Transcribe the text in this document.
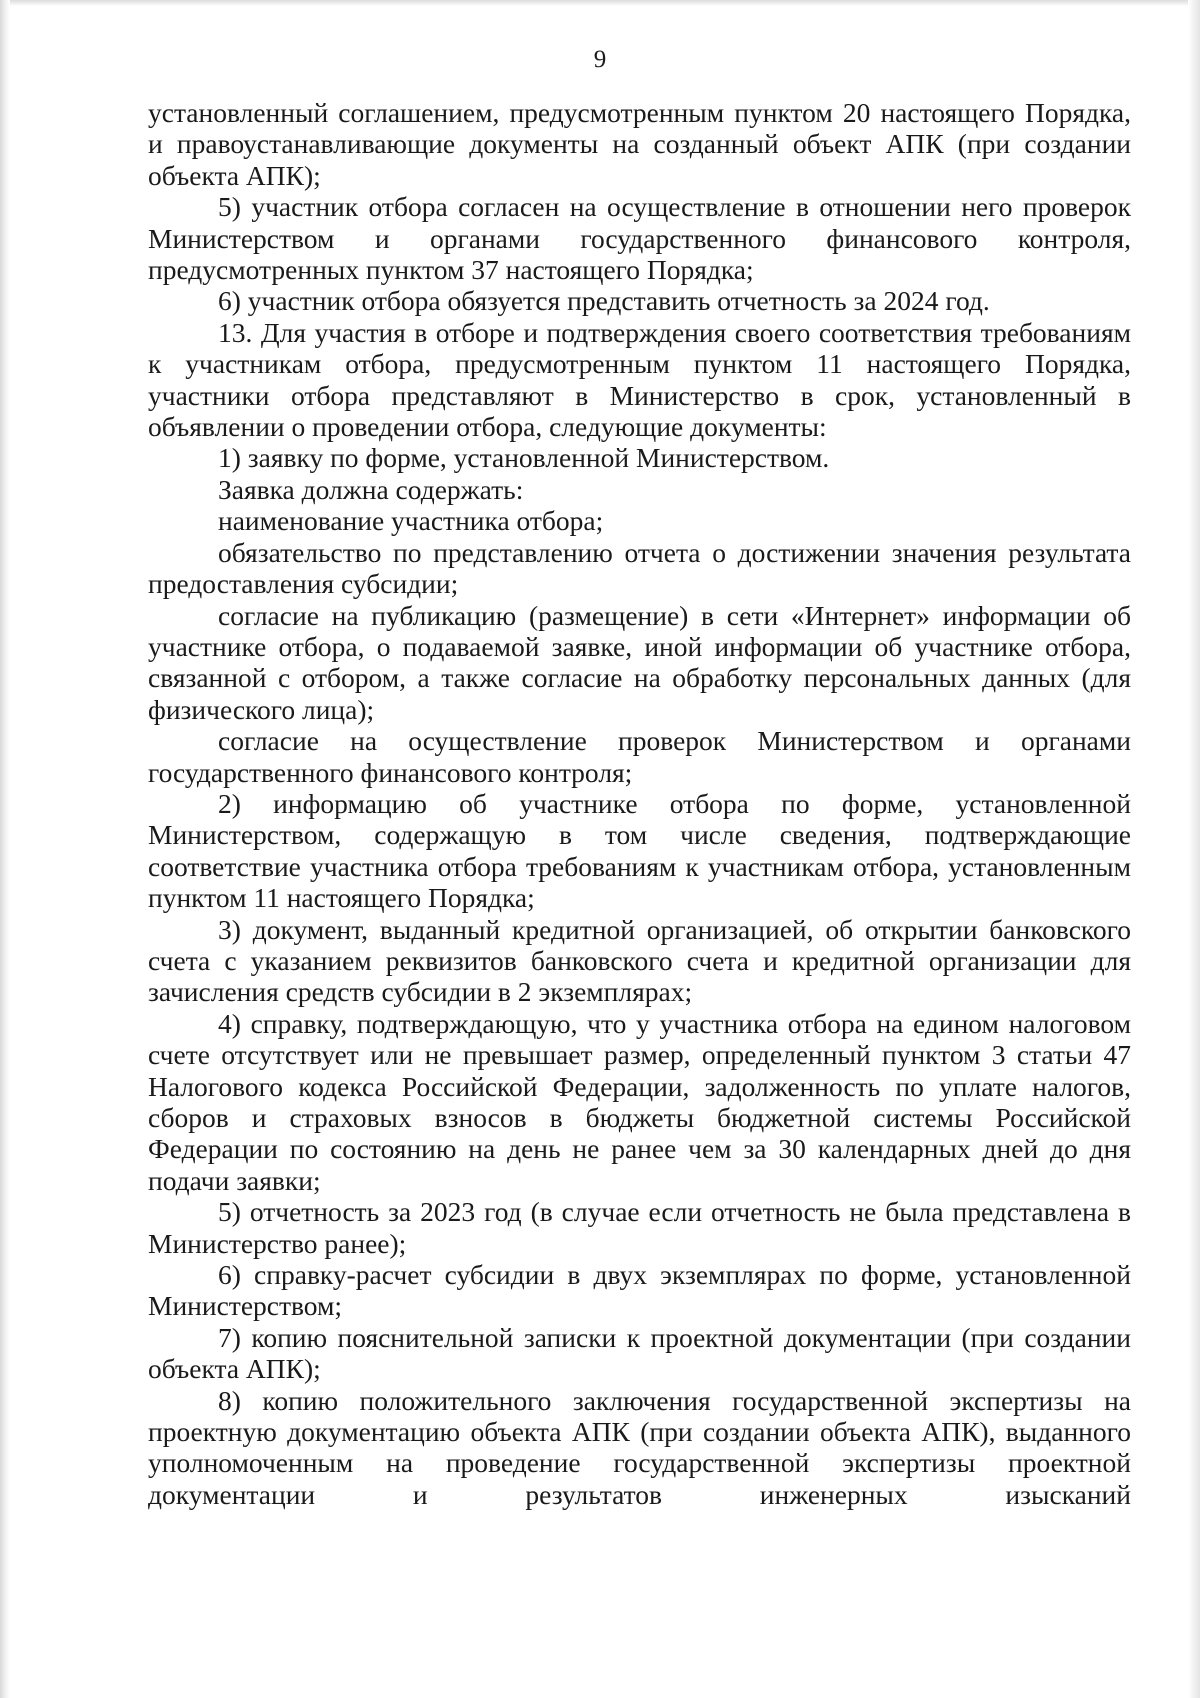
9

установленный соглашением, предусмотренным пунктом 20 настоящего Порядка, и правоустанавливающие документы на созданный объект АПК (при создании объекта АПК);

5) участник отбора согласен на осуществление в отношении него проверок Министерством и органами государственного финансового контроля, предусмотренных пунктом 37 настоящего Порядка;

6) участник отбора обязуется представить отчетность за 2024 год.

13. Для участия в отборе и подтверждения своего соответствия требованиям к участникам отбора, предусмотренным пунктом 11 настоящего Порядка, участники отбора представляют в Министерство в срок, установленный в объявлении о проведении отбора, следующие документы:

1) заявку по форме, установленной Министерством.

Заявка должна содержать:

наименование участника отбора;

обязательство по представлению отчета о достижении значения результата предоставления субсидии;

согласие на публикацию (размещение) в сети «Интернет» информации об участнике отбора, о подаваемой заявке, иной информации об участнике отбора, связанной с отбором, а также согласие на обработку персональных данных (для физического лица);

согласие на осуществление проверок Министерством и органами государственного финансового контроля;

2) информацию об участнике отбора по форме, установленной Министерством, содержащую в том числе сведения, подтверждающие соответствие участника отбора требованиям к участникам отбора, установленным пунктом 11 настоящего Порядка;

3) документ, выданный кредитной организацией, об открытии банковского счета с указанием реквизитов банковского счета и кредитной организации для зачисления средств субсидии в 2 экземплярах;

4) справку, подтверждающую, что у участника отбора на едином налоговом счете отсутствует или не превышает размер, определенный пунктом 3 статьи 47 Налогового кодекса Российской Федерации, задолженность по уплате налогов, сборов и страховых взносов в бюджеты бюджетной системы Российской Федерации по состоянию на день не ранее чем за 30 календарных дней до дня подачи заявки;

5) отчетность за 2023 год (в случае если отчетность не была представлена в Министерство ранее);

6) справку-расчет субсидии в двух экземплярах по форме, установленной Министерством;

7) копию пояснительной записки к проектной документации (при создании объекта АПК);

8) копию положительного заключения государственной экспертизы на проектную документацию объекта АПК (при создании объекта АПК), выданного уполномоченным на проведение государственной экспертизы проектной документации и результатов инженерных изысканий
